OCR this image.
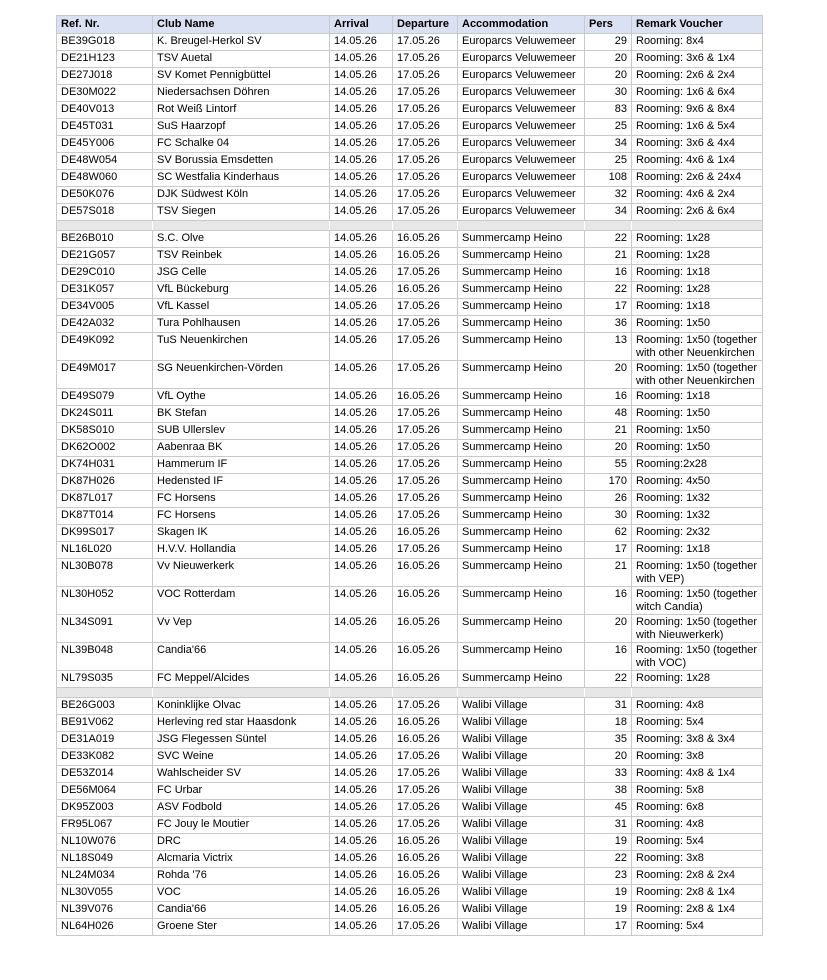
Ref. Nr.	Club Name	Arrival	Departure	Accommodation	Pers	Remark Voucher
BE39G018	K. Breugel-Herkol SV	14.05.26	17.05.26	Europarcs Veluwemeer	29	Rooming: 8x4
DE21H123	TSV Auetal	14.05.26	17.05.26	Europarcs Veluwemeer	20	Rooming: 3x6 & 1x4
DE27J018	SV Komet Pennigbüttel	14.05.26	17.05.26	Europarcs Veluwemeer	20	Rooming: 2x6 & 2x4
DE30M022	Niedersachsen Döhren	14.05.26	17.05.26	Europarcs Veluwemeer	30	Rooming: 1x6 & 6x4
DE40V013	Rot Weiß Lintorf	14.05.26	17.05.26	Europarcs Veluwemeer	83	Rooming: 9x6 & 8x4
DE45T031	SuS Haarzopf	14.05.26	17.05.26	Europarcs Veluwemeer	25	Rooming: 1x6 & 5x4
DE45Y006	FC Schalke 04	14.05.26	17.05.26	Europarcs Veluwemeer	34	Rooming: 3x6 & 4x4
DE48W054	SV Borussia Emsdetten	14.05.26	17.05.26	Europarcs Veluwemeer	25	Rooming: 4x6 & 1x4
DE48W060	SC Westfalia Kinderhaus	14.05.26	17.05.26	Europarcs Veluwemeer	108	Rooming: 2x6 & 24x4
DE50K076	DJK Südwest Köln	14.05.26	17.05.26	Europarcs Veluwemeer	32	Rooming: 4x6 & 2x4
DE57S018	TSV Siegen	14.05.26	17.05.26	Europarcs Veluwemeer	34	Rooming: 2x6 & 6x4

BE26B010	S.C. Olve	14.05.26	16.05.26	Summercamp Heino	22	Rooming: 1x28
DE21G057	TSV Reinbek	14.05.26	16.05.26	Summercamp Heino	21	Rooming: 1x28
DE29C010	JSG Celle	14.05.26	17.05.26	Summercamp Heino	16	Rooming: 1x18
DE31K057	VfL Bückeburg	14.05.26	16.05.26	Summercamp Heino	22	Rooming: 1x28
DE34V005	VfL Kassel	14.05.26	17.05.26	Summercamp Heino	17	Rooming: 1x18
DE42A032	Tura Pohlhausen	14.05.26	17.05.26	Summercamp Heino	36	Rooming: 1x50
DE49K092	TuS Neuenkirchen	14.05.26	17.05.26	Summercamp Heino	13	Rooming: 1x50 (together with other Neuenkirchen
DE49M017	SG Neuenkirchen-Vörden	14.05.26	17.05.26	Summercamp Heino	20	Rooming: 1x50 (together with other Neuenkirchen
DE49S079	VfL Oythe	14.05.26	16.05.26	Summercamp Heino	16	Rooming: 1x18
DK24S011	BK Stefan	14.05.26	17.05.26	Summercamp Heino	48	Rooming: 1x50
DK58S010	SUB Ullerslev	14.05.26	17.05.26	Summercamp Heino	21	Rooming: 1x50
DK62O002	Aabenraa BK	14.05.26	17.05.26	Summercamp Heino	20	Rooming: 1x50
DK74H031	Hammerum IF	14.05.26	17.05.26	Summercamp Heino	55	Rooming:2x28
DK87H026	Hedensted IF	14.05.26	17.05.26	Summercamp Heino	170	Rooming: 4x50
DK87L017	FC Horsens	14.05.26	17.05.26	Summercamp Heino	26	Rooming: 1x32
DK87T014	FC Horsens	14.05.26	17.05.26	Summercamp Heino	30	Rooming: 1x32
DK99S017	Skagen IK	14.05.26	16.05.26	Summercamp Heino	62	Rooming: 2x32
NL16L020	H.V.V. Hollandia	14.05.26	17.05.26	Summercamp Heino	17	Rooming: 1x18
NL30B078	Vv Nieuwerkerk	14.05.26	16.05.26	Summercamp Heino	21	Rooming: 1x50 (together with VEP)
NL30H052	VOC Rotterdam	14.05.26	16.05.26	Summercamp Heino	16	Rooming: 1x50 (together witch Candia)
NL34S091	Vv Vep	14.05.26	16.05.26	Summercamp Heino	20	Rooming: 1x50 (together with Nieuwerkerk)
NL39B048	Candia'66	14.05.26	16.05.26	Summercamp Heino	16	Rooming: 1x50 (together with VOC)
NL79S035	FC Meppel/Alcides	14.05.26	16.05.26	Summercamp Heino	22	Rooming: 1x28

BE26G003	Koninklijke Olvac	14.05.26	17.05.26	Walibi Village	31	Rooming: 4x8
BE91V062	Herleving red star Haasdonk	14.05.26	16.05.26	Walibi Village	18	Rooming: 5x4
DE31A019	JSG Flegessen Süntel	14.05.26	16.05.26	Walibi Village	35	Rooming: 3x8 & 3x4
DE33K082	SVC Weine	14.05.26	17.05.26	Walibi Village	20	Rooming: 3x8
DE53Z014	Wahlscheider SV	14.05.26	17.05.26	Walibi Village	33	Rooming: 4x8 & 1x4
DE56M064	FC Urbar	14.05.26	17.05.26	Walibi Village	38	Rooming: 5x8
DK95Z003	ASV Fodbold	14.05.26	17.05.26	Walibi Village	45	Rooming: 6x8
FR95L067	FC Jouy le Moutier	14.05.26	17.05.26	Walibi Village	31	Rooming: 4x8
NL10W076	DRC	14.05.26	16.05.26	Walibi Village	19	Rooming: 5x4
NL18S049	Alcmaria Victrix	14.05.26	16.05.26	Walibi Village	22	Rooming: 3x8
NL24M034	Rohda '76	14.05.26	16.05.26	Walibi Village	23	Rooming: 2x8 & 2x4
NL30V055	VOC	14.05.26	16.05.26	Walibi Village	19	Rooming: 2x8 & 1x4
NL39V076	Candia'66	14.05.26	16.05.26	Walibi Village	19	Rooming: 2x8 & 1x4
NL64H026	Groene Ster	14.05.26	17.05.26	Walibi Village	17	Rooming: 5x4
